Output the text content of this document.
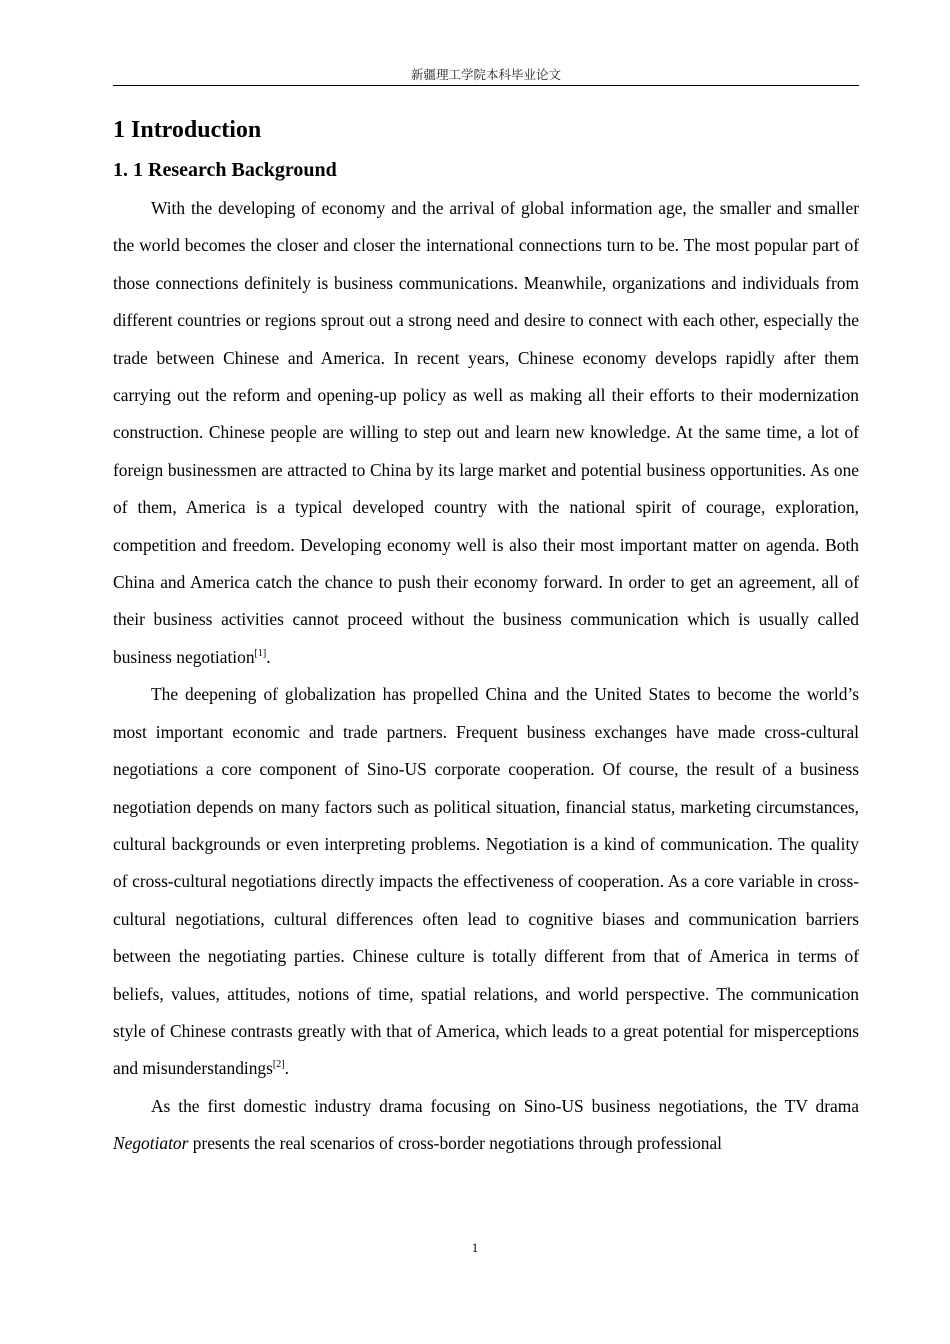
新疆理工学院本科毕业论文
1 Introduction
1. 1 Research Background

With the developing of economy and the arrival of global information age, the smaller and smaller the world becomes the closer and closer the international connections turn to be. The most popular part of those connections definitely is business communications. Meanwhile, organizations and individuals from different countries or regions sprout out a strong need and desire to connect with each other, especially the trade between Chinese and America. In recent years, Chinese economy develops rapidly after them carrying out the reform and opening-up policy as well as making all their efforts to their modernization construction. Chinese people are willing to step out and learn new knowledge. At the same time, a lot of foreign businessmen are attracted to China by its large market and potential business opportunities. As one of them, America is a typical developed country with the national spirit of courage, exploration, competition and freedom. Developing economy well is also their most important matter on agenda. Both China and America catch the chance to push their economy forward. In order to get an agreement, all of their business activities cannot proceed without the business communication which is usually called business negotiation[1].

The deepening of globalization has propelled China and the United States to become the world’s most important economic and trade partners. Frequent business exchanges have made cross-cultural negotiations a core component of Sino-US corporate cooperation. Of course, the result of a business negotiation depends on many factors such as political situation, financial status, marketing circumstances, cultural backgrounds or even interpreting problems. Negotiation is a kind of communication. The quality of cross-cultural negotiations directly impacts the effectiveness of cooperation. As a core variable in cross-cultural negotiations, cultural differences often lead to cognitive biases and communication barriers between the negotiating parties. Chinese culture is totally different from that of America in terms of beliefs, values, attitudes, notions of time, spatial relations, and world perspective. The communication style of Chinese contrasts greatly with that of America, which leads to a great potential for misperceptions and misunderstandings[2].

As the first domestic industry drama focusing on Sino-US business negotiations, the TV drama Negotiator presents the real scenarios of cross-border negotiations through professional

1
